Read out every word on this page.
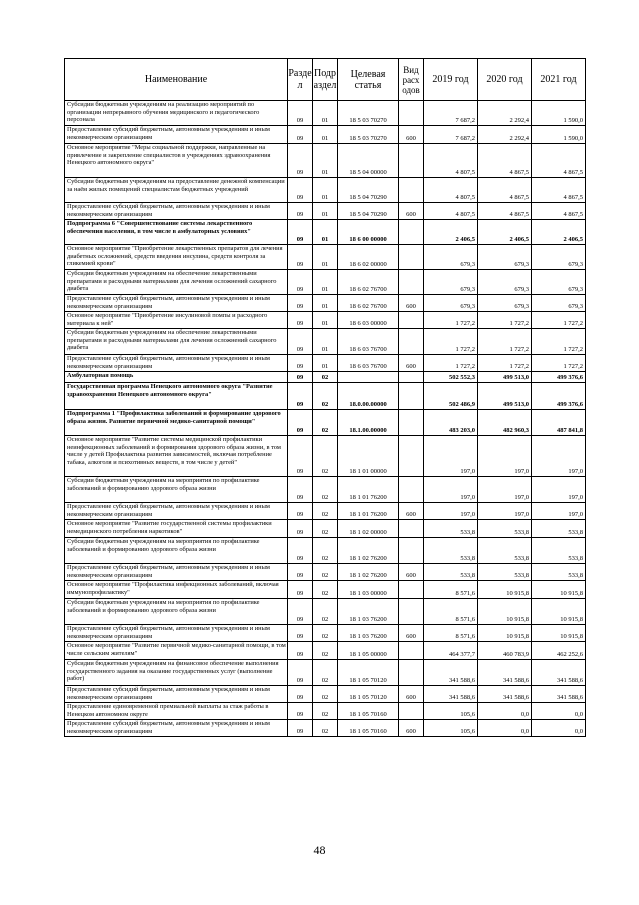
Наименование	Разде л	Подр аздел	Целевая статья	Вид расх одов	2019 год	2020 год	2021 год
Субсидии бюджетным учреждениям на реализацию мероприятий по организации непрерывного обучения медицинского и педагогического персонала	09	01	18 5 03 70270		7 687,2	2 292,4	1 590,0
Предоставление субсидий бюджетным, автономным учреждениям и иным некоммерческим организациям	09	01	18 5 03 70270	600	7 687,2	2 292,4	1 590,0
Основное мероприятие "Меры социальной поддержки, направленные на привлечение и закрепление специалистов в учреждениях здравоохранения Ненецкого автономного округа"	09	01	18 5 04 00000		4 807,5	4 867,5	4 867,5
Субсидии бюджетным учреждениям на предоставление денежной компенсации за наём жилых помещений специалистам бюджетных учреждений	09	01	18 5 04 70290		4 807,5	4 867,5	4 867,5
Предоставление субсидий бюджетным, автономным учреждениям и иным некоммерческим организациям	09	01	18 5 04 70290	600	4 807,5	4 867,5	4 867,5
Подпрограмма 6 "Совершенствование системы лекарственного обеспечения населения, в том числе в амбулаторных условиях"	09	01	18 6 00 00000		2 406,5	2 406,5	2 406,5
Основное мероприятие "Приобретение лекарственных препаратов для лечения диабетных осложнений, средств введения инсулина, средств контроля за гликемией крови"	09	01	18 6 02 00000		679,3	679,3	679,3
Субсидии бюджетным учреждениям на обеспечение лекарственными препаратами и расходными материалами для лечения осложнений сахарного диабета	09	01	18 6 02 76700		679,3	679,3	679,3
Предоставление субсидий бюджетным, автономным учреждениям и иным некоммерческим организациям	09	01	18 6 02 76700	600	679,3	679,3	679,3
Основное мероприятие "Приобретение инсулиновой помпы и расходного материала к ней"	09	01	18 6 03 00000		1 727,2	1 727,2	1 727,2
Субсидии бюджетным учреждениям на обеспечение лекарственными препаратами и расходными материалами для лечения осложнений сахарного диабета	09	01	18 6 03 76700		1 727,2	1 727,2	1 727,2
Предоставление субсидий бюджетным, автономным учреждениям и иным некоммерческим организациям	09	01	18 6 03 76700	600	1 727,2	1 727,2	1 727,2
Амбулаторная помощь	09	02			502 552,3	499 513,0	499 376,6
Государственная программа Ненецкого автономного округа "Развитие здравоохранения Ненецкого автономного округа"	09	02	18.0.00.00000		502 486,9	499 513,0	499 376,6
Подпрограмма 1 "Профилактика заболеваний и формирование здорового образа жизни. Развитие первичной медико-санитарной помощи"	09	02	18.1.00.00000		483 203,0	482 960,3	487 841,8
Основное мероприятие "Развитие системы медицинской профилактики неинфекционных заболеваний и формирования здорового образа жизни, в том числе у детей Профилактика развития зависимостей, включая потребление табака, алкоголя и психотивных веществ, в том числе у детей"	09	02	18 1 01 00000		197,0	197,0	197,0
Субсидии бюджетным учреждениям на мероприятия по профилактике заболеваний и формированию здорового образа жизни	09	02	18 1 01 76200		197,0	197,0	197,0
Предоставление субсидий бюджетным, автономным учреждениям и иным некоммерческим организациям	09	02	18 1 01 76200	600	197,0	197,0	197,0
Основное мероприятие "Развитие государственной системы профилактики немедицинского потребления наркотиков"	09	02	18 1 02 00000		533,8	533,8	533,8
Субсидии бюджетным учреждениям на мероприятия по профилактике заболеваний и формированию здорового образа жизни	09	02	18 1 02 76200		533,8	533,8	533,8
Предоставление субсидий бюджетным, автономным учреждениям и иным некоммерческим организациям	09	02	18 1 02 76200	600	533,8	533,8	533,8
Основное мероприятие "Профилактика инфекционных заболеваний, включая иммунопрофилактику"	09	02	18 1 03 00000		8 571,6	10 915,8	10 915,8
Субсидии бюджетным учреждениям на мероприятия по профилактике заболеваний и формированию здорового образа жизни	09	02	18 1 03 76200		8 571,6	10 915,8	10 915,8
Предоставление субсидий бюджетным, автономным учреждениям и иным некоммерческим организациям	09	02	18 1 03 76200	600	8 571,6	10 915,8	10 915,8
Основное мероприятие "Развитие первичной медико-санитарной помощи, в том числе сельским жителям"	09	02	18 1 05 00000		464 377,7	460 783,9	462 252,6
Субсидии бюджетным учреждениям на финансовое обеспечение выполнения государственного задания на оказание государственных услуг (выполнение работ)	09	02	18 1 05 70120		341 588,6	341 588,6	341 588,6
Предоставление субсидий бюджетным, автономным учреждениям и иным некоммерческим организациям	09	02	18 1 05 70120	600	341 588,6	341 588,6	341 588,6
Предоставление единовременной премиальной выплаты за стаж работы в Ненецком автономном округе	09	02	18 1 05 70160		105,6	0,0	0,0
Предоставление субсидий бюджетным, автономным учреждениям и иным некоммерческим организациям	09	02	18 1 05 70160	600	105,6	0,0	0,0
48
